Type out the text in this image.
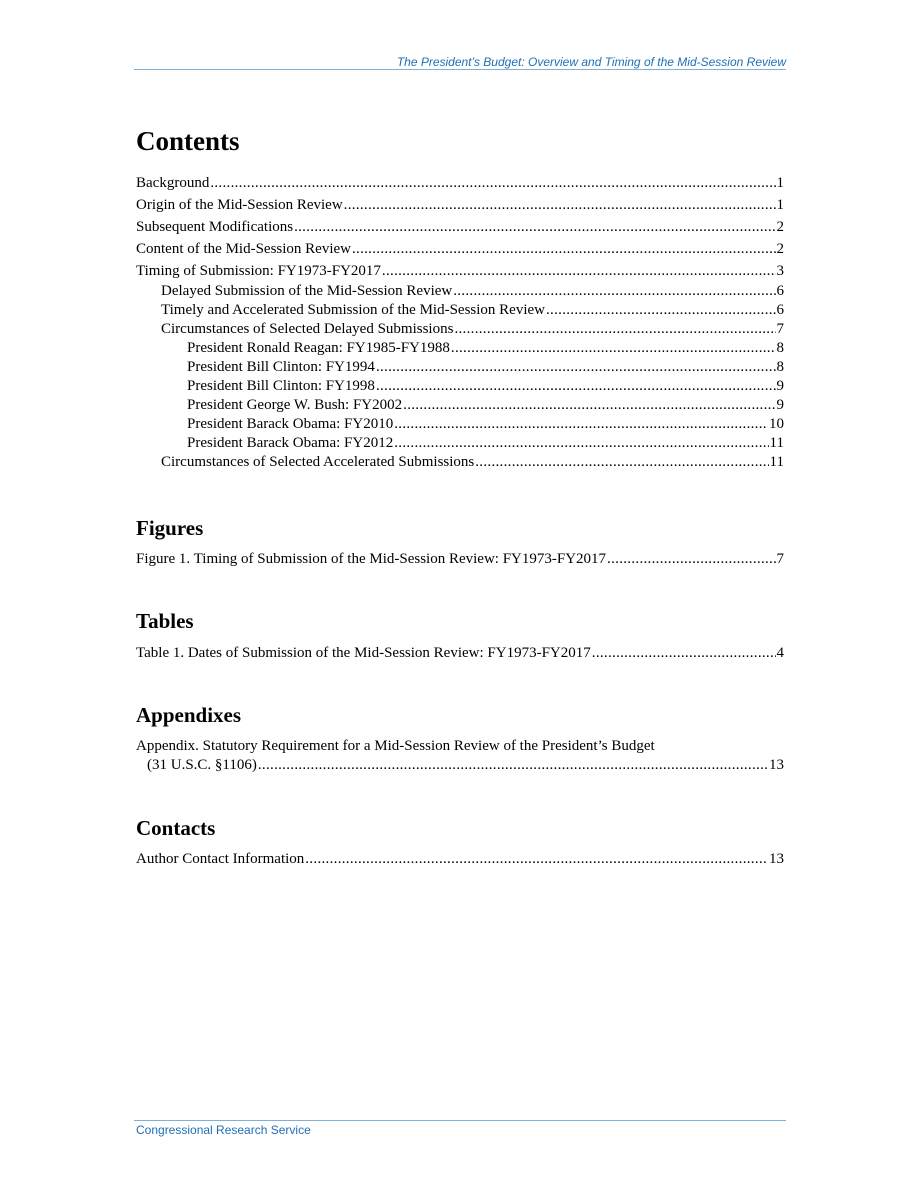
The President’s Budget: Overview and Timing of the Mid-Session Review
Contents
Background .....	1
Origin of the Mid-Session Review .....	1
Subsequent Modifications .....	2
Content of the Mid-Session Review .....	2
Timing of Submission: FY1973-FY2017 .....	3
Delayed Submission of the Mid-Session Review .....	6
Timely and Accelerated Submission of the Mid-Session Review .....	6
Circumstances of Selected Delayed Submissions .....	7
President Ronald Reagan: FY1985-FY1988 .....	8
President Bill Clinton: FY1994 .....	8
President Bill Clinton: FY1998 .....	9
President George W. Bush: FY2002 .....	9
President Barack Obama: FY2010 .....	10
President Barack Obama: FY2012 .....	11
Circumstances of Selected Accelerated Submissions .....	11
Figures
Figure 1. Timing of Submission of the Mid-Session Review: FY1973-FY2017 .....	7
Tables
Table 1. Dates of Submission of the Mid-Session Review: FY1973-FY2017 .....	4
Appendixes
Appendix. Statutory Requirement for a Mid-Session Review of the President’s Budget
(31 U.S.C. §1106) .....	13
Contacts
Author Contact Information .....	13
Congressional Research Service
